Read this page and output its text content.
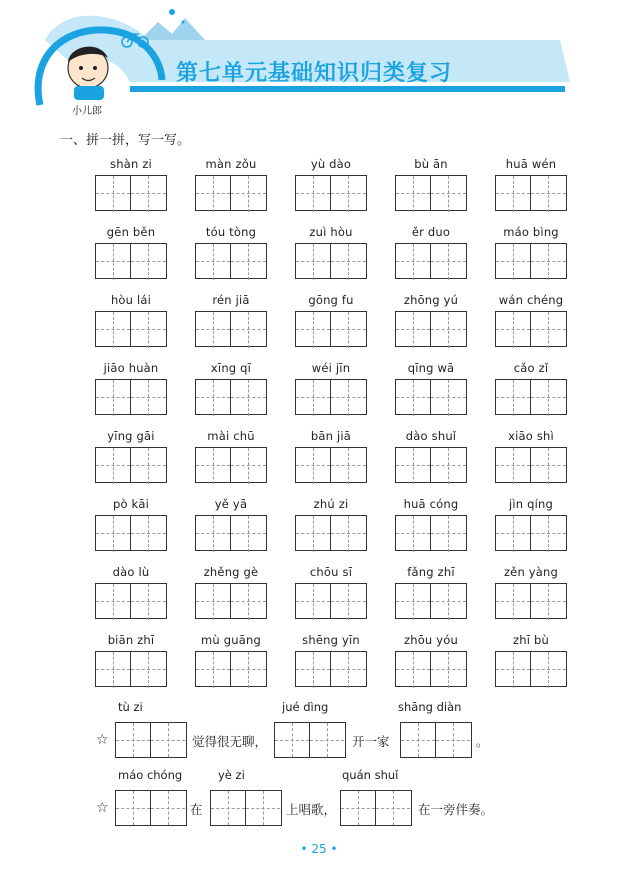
第七单元基础知识归类复习
小儿郎
一、拼一拼，写一写。
shàn zi	màn zǒu	yù dào	bù ān	huā wén
gēn běn	tóu tòng	zuì hòu	ěr duo	máo bìng
hòu lái	rén jiā	gōng fu	zhōng yú	wán chéng
jiāo huàn	xīng qī	wéi jīn	qīng wā	cǎo zǐ
yīng gāi	mài chū	bān jiā	dào shuǐ	xiāo shì
pò kāi	yě yā	zhú zi	huā cóng	jìn qíng
dào lù	zhěng gè	chōu sī	fǎng zhī	zěn yàng
biān zhī	mù guāng	shēng yīn	zhōu yóu	zhī bù
☆
tù zi	jué dìng	shāng diàn
觉得很无聊，	开一家	。
☆
máo chóng	yè zi	quán shuǐ
在	上唱歌，	在一旁伴奏。
• 25 •
